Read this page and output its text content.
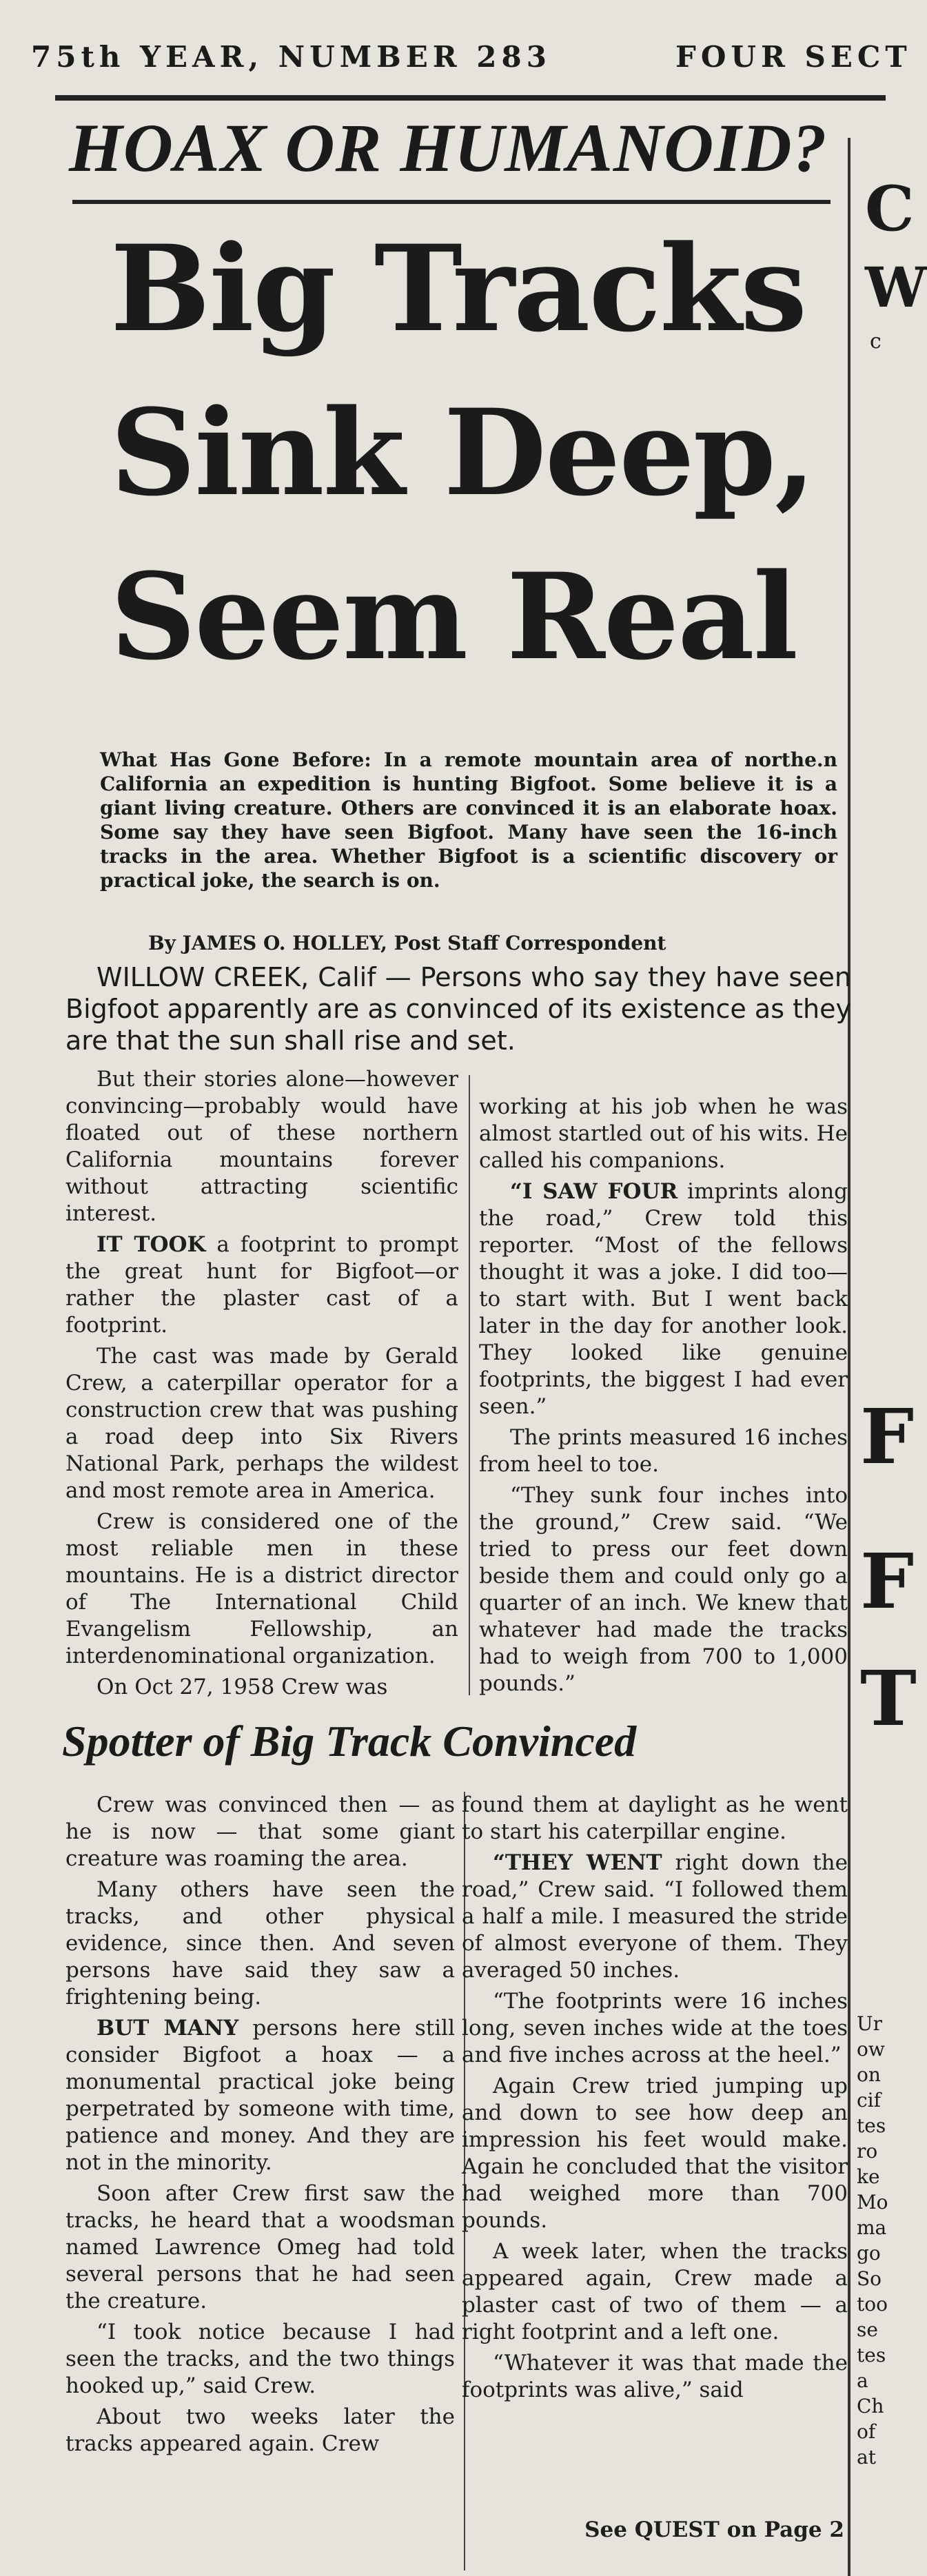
75th YEAR, NUMBER 283	FOUR SECT
HOAX OR HUMANOID?
Big Tracks
Sink Deep,
Seem Real
What Has Gone Before: In a remote mountain area of northe.n California an expedition is hunting Bigfoot. Some believe it is a giant living creature. Others are convinced it is an elaborate hoax. Some say they have seen Bigfoot. Many have seen the 16-inch tracks in the area. Whether Bigfoot is a scientific discovery or practical joke, the search is on.
By JAMES O. HOLLEY, Post Staff Correspondent
WILLOW CREEK, Calif — Persons who say they have seen Bigfoot apparently are as convinced of its existence as they are that the sun shall rise and set.

But their stories alone—however convincing—probably would have floated out of these northern California mountains forever without attracting scientific interest.

IT TOOK a footprint to prompt the great hunt for Bigfoot—or rather the plaster cast of a footprint.

The cast was made by Gerald Crew, a caterpillar operator for a construction crew that was pushing a road deep into Six Rivers National Park, perhaps the wildest and most remote area in America.

Crew is considered one of the most reliable men in these mountains. He is a district director of The International Child Evangelism Fellowship, an interdenominational organization.

On Oct 27, 1958 Crew was

working at his job when he was almost startled out of his wits. He called his companions.

“I SAW FOUR imprints along the road,” Crew told this reporter. “Most of the fellows thought it was a joke. I did too—to start with. But I went back later in the day for another look. They looked like genuine footprints, the biggest I had ever seen.”

The prints measured 16 inches from heel to toe.

“They sunk four inches into the ground,” Crew said. “We tried to press our feet down beside them and could only go a quarter of an inch. We knew that whatever had made the tracks had to weigh from 700 to 1,000 pounds.”

Spotter of Big Track Convinced

Crew was convinced then — as he is now — that some giant creature was roaming the area.

Many others have seen the tracks, and other physical evidence, since then. And seven persons have said they saw a frightening being.

BUT MANY persons here still consider Bigfoot a hoax — a monumental practical joke being perpetrated by someone with time, patience and money. And they are not in the minority.

Soon after Crew first saw the tracks, he heard that a woodsman named Lawrence Omeg had told several persons that he had seen the creature.

“I took notice because I had seen the tracks, and the two things hooked up,” said Crew.

About two weeks later the tracks appeared again. Crew

found them at daylight as he went to start his caterpillar engine.

“THEY WENT right down the road,” Crew said. “I followed them a half a mile. I measured the stride of almost everyone of them. They averaged 50 inches.

“The footprints were 16 inches long, seven inches wide at the toes and five inches across at the heel.”

Again Crew tried jumping up and down to see how deep an impression his feet would make. Again he concluded that the visitor had weighed more than 700 pounds.

A week later, when the tracks appeared again, Crew made a plaster cast of two of them — a right footprint and a left one.

“Whatever it was that made the footprints was alive,” said

See QUEST on Page 2
C
W
c
F
F
T
Ur
ow
on
cif
tes
ro
ke
Mo
ma
go
So
too
se
tes
a
Ch
of
at
